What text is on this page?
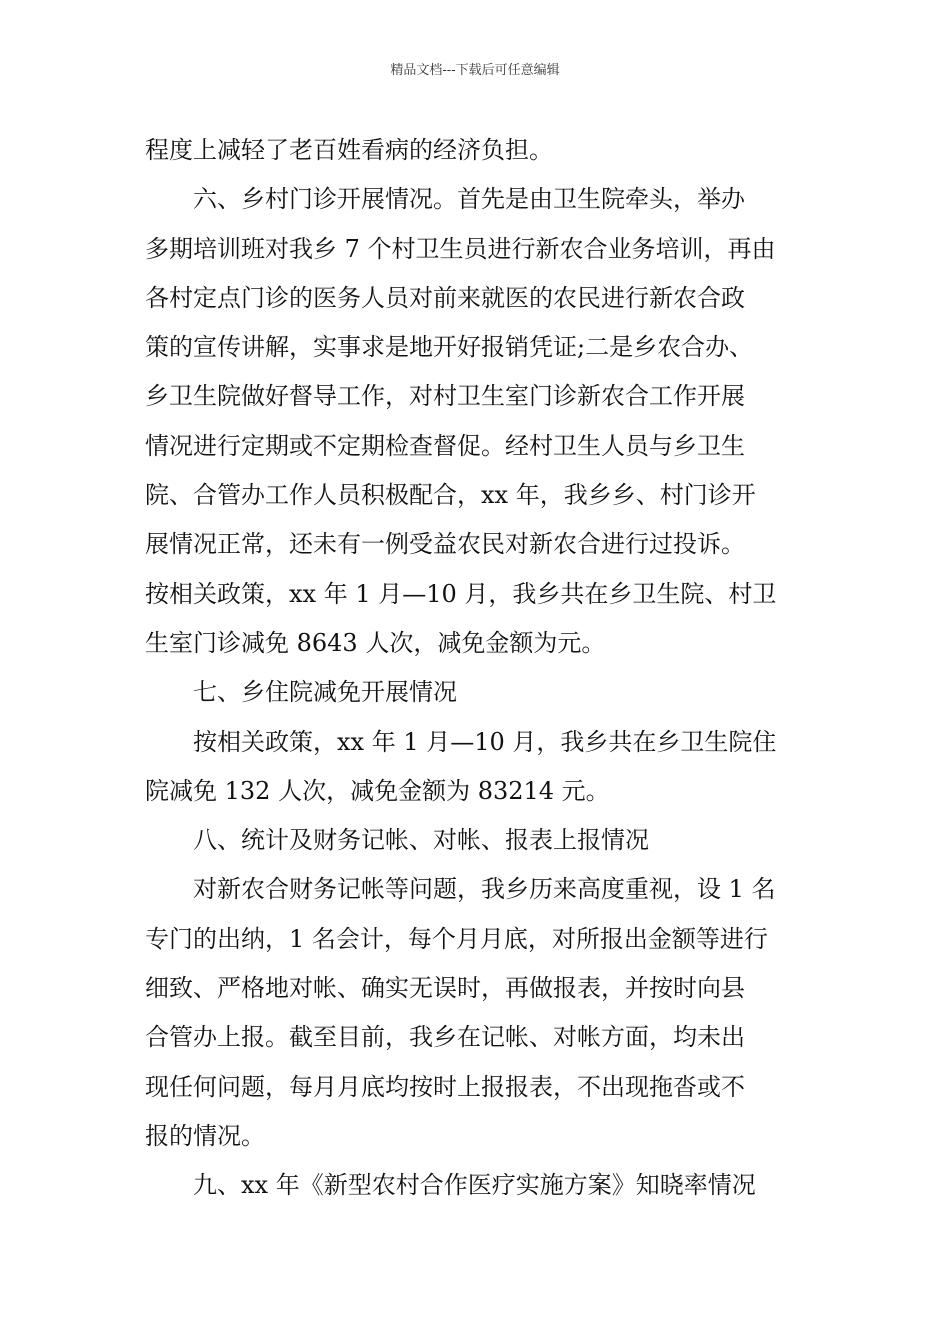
精品文档---下载后可任意编辑
程度上减轻了老百姓看病的经济负担。
六、乡村门诊开展情况。首先是由卫生院牵头，举办
多期培训班对我乡 7 个村卫生员进行新农合业务培训，再由
各村定点门诊的医务人员对前来就医的农民进行新农合政
策的宣传讲解，实事求是地开好报销凭证;二是乡农合办、
乡卫生院做好督导工作，对村卫生室门诊新农合工作开展
情况进行定期或不定期检查督促。经村卫生人员与乡卫生
院、合管办工作人员积极配合，xx 年，我乡乡、村门诊开
展情况正常，还未有一例受益农民对新农合进行过投诉。
按相关政策，xx 年 1 月—10 月，我乡共在乡卫生院、村卫
生室门诊减免 8643 人次，减免金额为元。
七、乡住院减免开展情况
按相关政策，xx 年 1 月—10 月，我乡共在乡卫生院住
院减免 132 人次，减免金额为 83214 元。
八、统计及财务记帐、对帐、报表上报情况
对新农合财务记帐等问题，我乡历来高度重视，设 1 名
专门的出纳，1 名会计，每个月月底，对所报出金额等进行
细致、严格地对帐、确实无误时，再做报表，并按时向县
合管办上报。截至目前，我乡在记帐、对帐方面，均未出
现任何问题，每月月底均按时上报报表，不出现拖沓或不
报的情况。
九、xx 年《新型农村合作医疗实施方案》知晓率情况
